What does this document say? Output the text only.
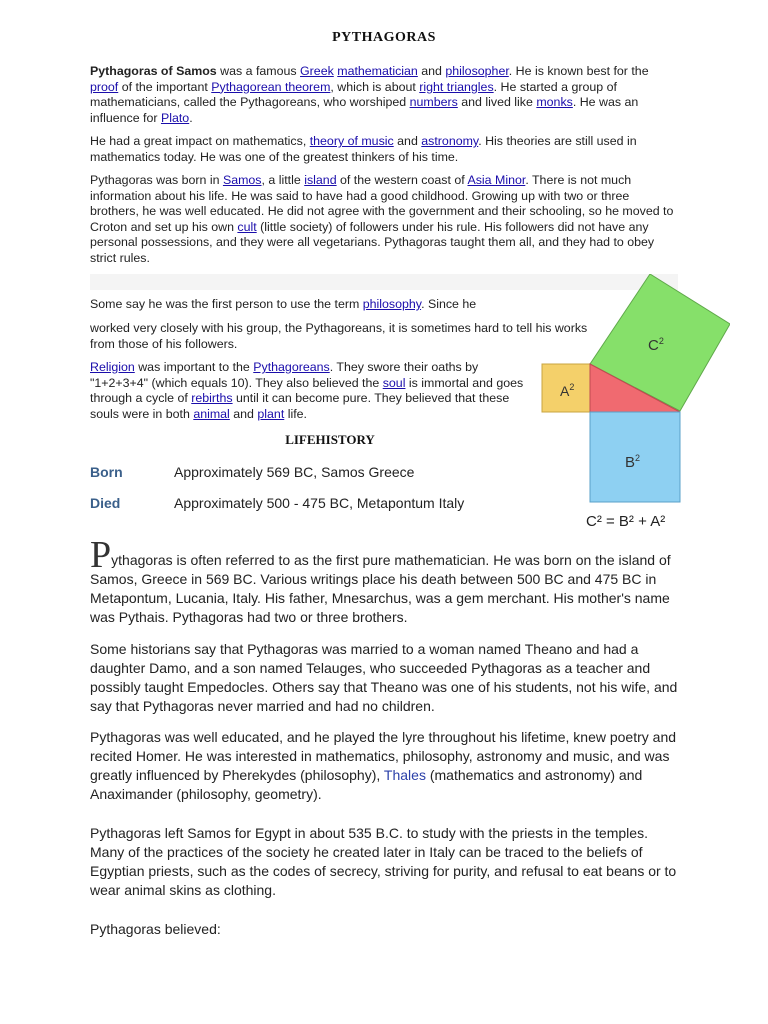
PYTHAGORAS
Pythagoras of Samos was a famous Greek mathematician and philosopher. He is known best for the proof of the important Pythagorean theorem, which is about right triangles. He started a group of mathematicians, called the Pythagoreans, who worshiped numbers and lived like monks. He was an influence for Plato.
He had a great impact on mathematics, theory of music and astronomy. His theories are still used in mathematics today. He was one of the greatest thinkers of his time.
Pythagoras was born in Samos, a little island of the western coast of Asia Minor. There is not much information about his life. He was said to have had a good childhood. Growing up with two or three brothers, he was well educated. He did not agree with the government and their schooling, so he moved to Croton and set up his own cult (little society) of followers under his rule. His followers did not have any personal possessions, and they were all vegetarians. Pythagoras taught them all, and they had to obey strict rules.
Some say he was the first person to use the term philosophy. Since he
worked very closely with his group, the Pythagoreans, it is sometimes hard to tell his works from those of his followers.
Religion was important to the Pythagoreans. They swore their oaths by "1+2+3+4" (which equals 10). They also believed the soul is immortal and goes through a cycle of rebirths until it can become pure. They believed that these souls were in both animal and plant life.
$C^2$
$A^2$
$B^2$
C² = B² + A²
LIFEHISTORY
Born	Approximately 569 BC, Samos Greece
Died	Approximately 500 - 475 BC, Metapontum Italy
Pythagoras is often referred to as the first pure mathematician. He was born on the island of Samos, Greece in 569 BC. Various writings place his death between 500 BC and 475 BC in Metapontum, Lucania, Italy. His father, Mnesarchus, was a gem merchant. His mother's name was Pythais. Pythagoras had two or three brothers.
Some historians say that Pythagoras was married to a woman named Theano and had a daughter Damo, and a son named Telauges, who succeeded Pythagoras as a teacher and possibly taught Empedocles. Others say that Theano was one of his students, not his wife, and say that Pythagoras never married and had no children.
Pythagoras was well educated, and he played the lyre throughout his lifetime, knew poetry and recited Homer. He was interested in mathematics, philosophy, astronomy and music, and was greatly influenced by Pherekydes (philosophy), Thales (mathematics and astronomy) and Anaximander (philosophy, geometry).
Pythagoras left Samos for Egypt in about 535 B.C. to study with the priests in the temples. Many of the practices of the society he created later in Italy can be traced to the beliefs of Egyptian priests, such as the codes of secrecy, striving for purity, and refusal to eat beans or to wear animal skins as clothing.
Pythagoras believed:
